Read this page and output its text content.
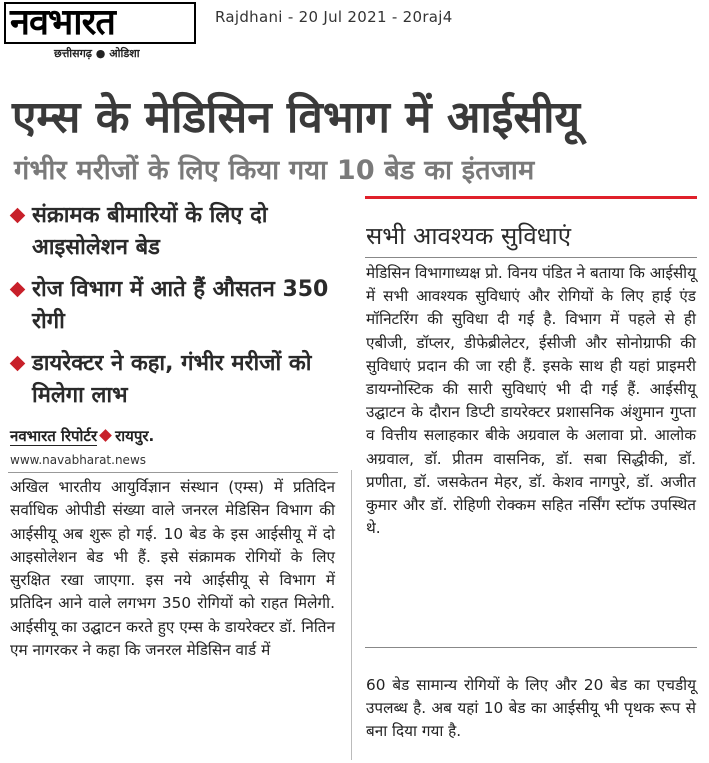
नवभारत
छत्तीसगढ़ ● ओडिशा
Rajdhani - 20 Jul 2021 - 20raj4
एम्स के मेडिसिन विभाग में आईसीयू
गंभीर मरीजों के लिए किया गया 10 बेड का इंतजाम
संक्रामक बीमारियों के लिए दो आइसोलेशन बेड
रोज विभाग में आते हैं औसतन 350 रोगी
डायरेक्टर ने कहा, गंभीर मरीजों को मिलेगा लाभ
नवभारत रिपोर्टर रायपुर.
www.navabharat.news

अखिल भारतीय आयुर्विज्ञान संस्थान (एम्स) में प्रतिदिन सर्वाधिक ओपीडी संख्या वाले जनरल मेडिसिन विभाग की आईसीयू अब शुरू हो गई. 10 बेड के इस आईसीयू में दो आइसोलेशन बेड भी हैं. इसे संक्रामक रोगियों के लिए सुरक्षित रखा जाएगा. इस नये आईसीयू से विभाग में प्रतिदिन आने वाले लगभग 350 रोगियों को राहत मिलेगी. आईसीयू का उद्घाटन करते हुए एम्स के डायरेक्टर डॉ. नितिन एम नागरकर ने कहा कि जनरल मेडिसिन वार्ड में

सभी आवश्यक सुविधाएं

मेडिसिन विभागाध्यक्ष प्रो. विनय पंडित ने बताया कि आईसीयू में सभी आवश्यक सुविधाएं और रोगियों के लिए हाई एंड मॉनिटरिंग की सुविधा दी गई है. विभाग में पहले से ही एबीजी, डॉप्लर, डीफेब्रीलेटर, ईसीजी और सोनोग्राफी की सुविधाएं प्रदान की जा रही हैं. इसके साथ ही यहां प्राइमरी डायग्नोस्टिक की सारी सुविधाएं भी दी गई हैं. आईसीयू उद्घाटन के दौरान डिप्टी डायरेक्टर प्रशासनिक अंशुमान गुप्ता व वित्तीय सलाहकार बीके अग्रवाल के अलावा प्रो. आलोक अग्रवाल, डॉ. प्रीतम वासनिक, डॉ. सबा सिद्धीकी, डॉ. प्रणीता, डॉ. जसकेतन मेहर, डॉ. केशव नागपुरे, डॉ. अजीत कुमार और डॉ. रोहिणी रोक्कम सहित नर्सिंग स्टॉफ उपस्थित थे.

60 बेड सामान्य रोगियों के लिए और 20 बेड का एचडीयू उपलब्ध है. अब यहां 10 बेड का आईसीयू भी पृथक रूप से बना दिया गया है.
